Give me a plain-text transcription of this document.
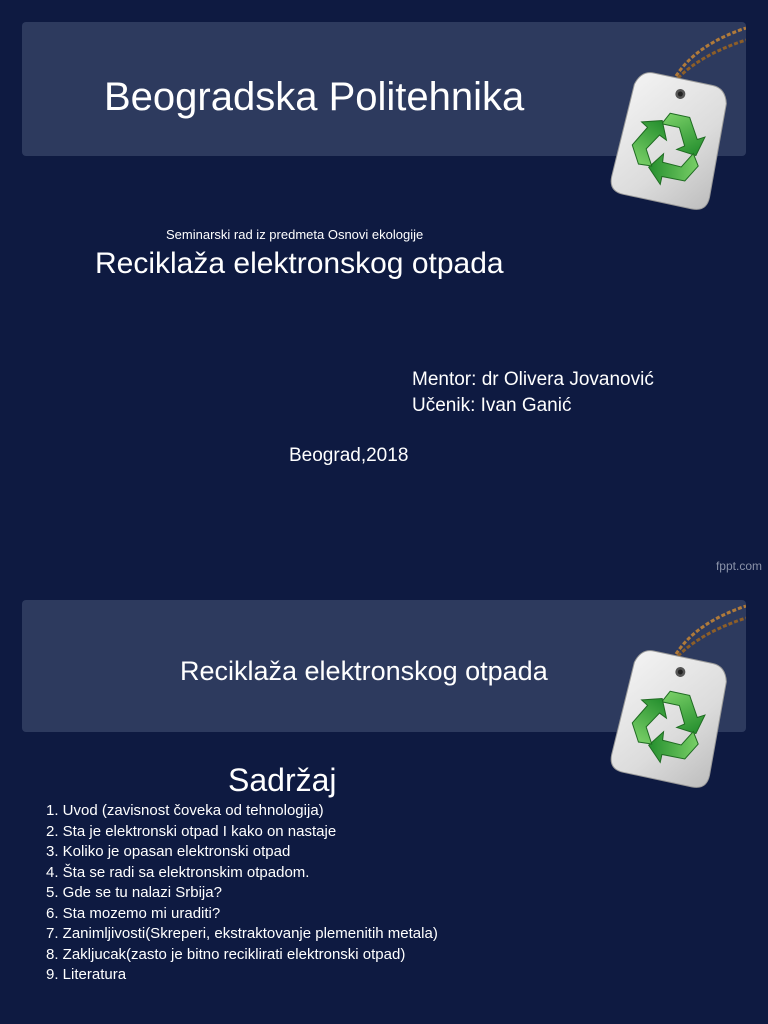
Beogradska Politehnika
Seminarski rad iz predmeta Osnovi ekologije
Reciklaža elektronskog otpada
Mentor: dr Olivera Jovanović
Učenik: Ivan Ganić
Beograd,2018
fppt.com
Reciklaža elektronskog otpada
Sadržaj
1. Uvod (zavisnost čoveka od tehnologija)
2. Sta je elektronski otpad I kako on nastaje
3. Koliko je opasan elektronski otpad
4. Šta se radi sa elektronskim otpadom.
5. Gde se tu nalazi Srbija?
6. Sta mozemo mi uraditi?
7. Zanimljivosti(Skreperi, ekstraktovanje plemenitih metala)
8. Zakljucak(zasto je bitno reciklirati elektronski otpad)
9. Literatura
